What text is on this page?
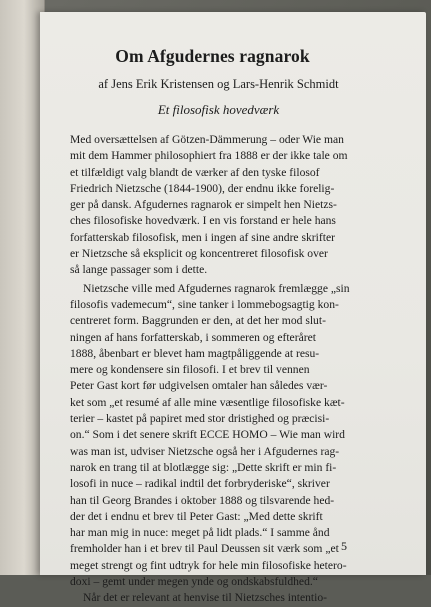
Om Afgudernes ragnarok
af Jens Erik Kristensen og Lars-Henrik Schmidt
Et filosofisk hovedværk

Med oversættelsen af Götzen-Dämmerung – oder Wie man
mit dem Hammer philosophiert fra 1888 er der ikke tale om
et tilfældigt valg blandt de værker af den tyske filosof
Friedrich Nietzsche (1844-1900), der endnu ikke forelig-
ger på dansk. Afgudernes ragnarok er simpelt hen Nietzs-
ches filosofiske hovedværk. I en vis forstand er hele hans
forfatterskab filosofisk, men i ingen af sine andre skrifter
er Nietzsche så eksplicit og koncentreret filosofisk over
så lange passager som i dette.

Nietzsche ville med Afgudernes ragnarok fremlægge „sin
filosofis vademecum“, sine tanker i lommebogsagtig kon-
centreret form. Baggrunden er den, at det her mod slut-
ningen af hans forfatterskab, i sommeren og efteråret
1888, åbenbart er blevet ham magtpåliggende at resu-
mere og kondensere sin filosofi. I et brev til vennen
Peter Gast kort før udgivelsen omtaler han således vær-
ket som „et resumé af alle mine væsentlige filosofiske kæt-
terier – kastet på papiret med stor dristighed og præcisi-
on.“ Som i det senere skrift ECCE HOMO – Wie man wird
was man ist, udviser Nietzsche også her i Afgudernes rag-
narok en trang til at blotlægge sig: „Dette skrift er min fi-
losofi in nuce – radikal indtil det forbryderiske“, skriver
han til Georg Brandes i oktober 1888 og tilsvarende hed-
der det i endnu et brev til Peter Gast: „Med dette skrift
har man mig in nuce: meget på lidt plads.“ I samme ånd
fremholder han i et brev til Paul Deussen sit værk som „et
meget strengt og fint udtryk for hele min filosofiske hetero-
doxi – gemt under megen ynde og ondskabsfuldhed.“
Når det er relevant at henvise til Nietzsches intentio-

5
